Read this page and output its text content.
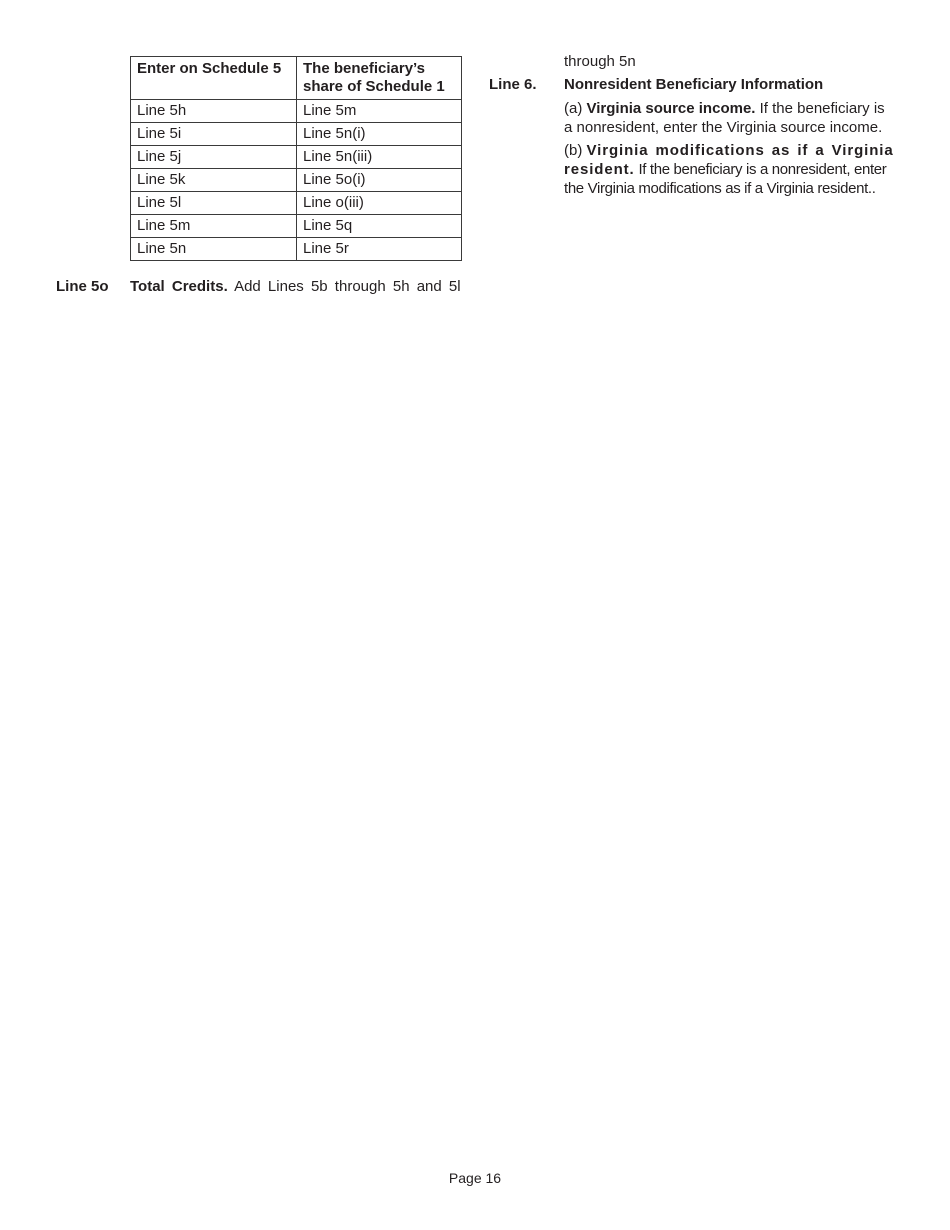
Enter on Schedule 5	The beneficiary’s share of Schedule 1
Line 5h	Line 5m
Line 5i	Line 5n(i)
Line 5j	Line 5n(iii)
Line 5k	Line 5o(i)
Line 5l	Line o(iii)
Line 5m	Line 5q
Line 5n	Line 5r
Line 5o Total Credits. Add Lines 5b through 5h and 5l
through 5n
Line 6. Nonresident Beneficiary Information
(a) Virginia source income. If the beneficiary is a nonresident, enter the Virginia source income.
(b) Virginia modifications as if a Virginia resident. If the beneficiary is a nonresident, enter the Virginia modifications as if a Virginia resident..
Page 16
